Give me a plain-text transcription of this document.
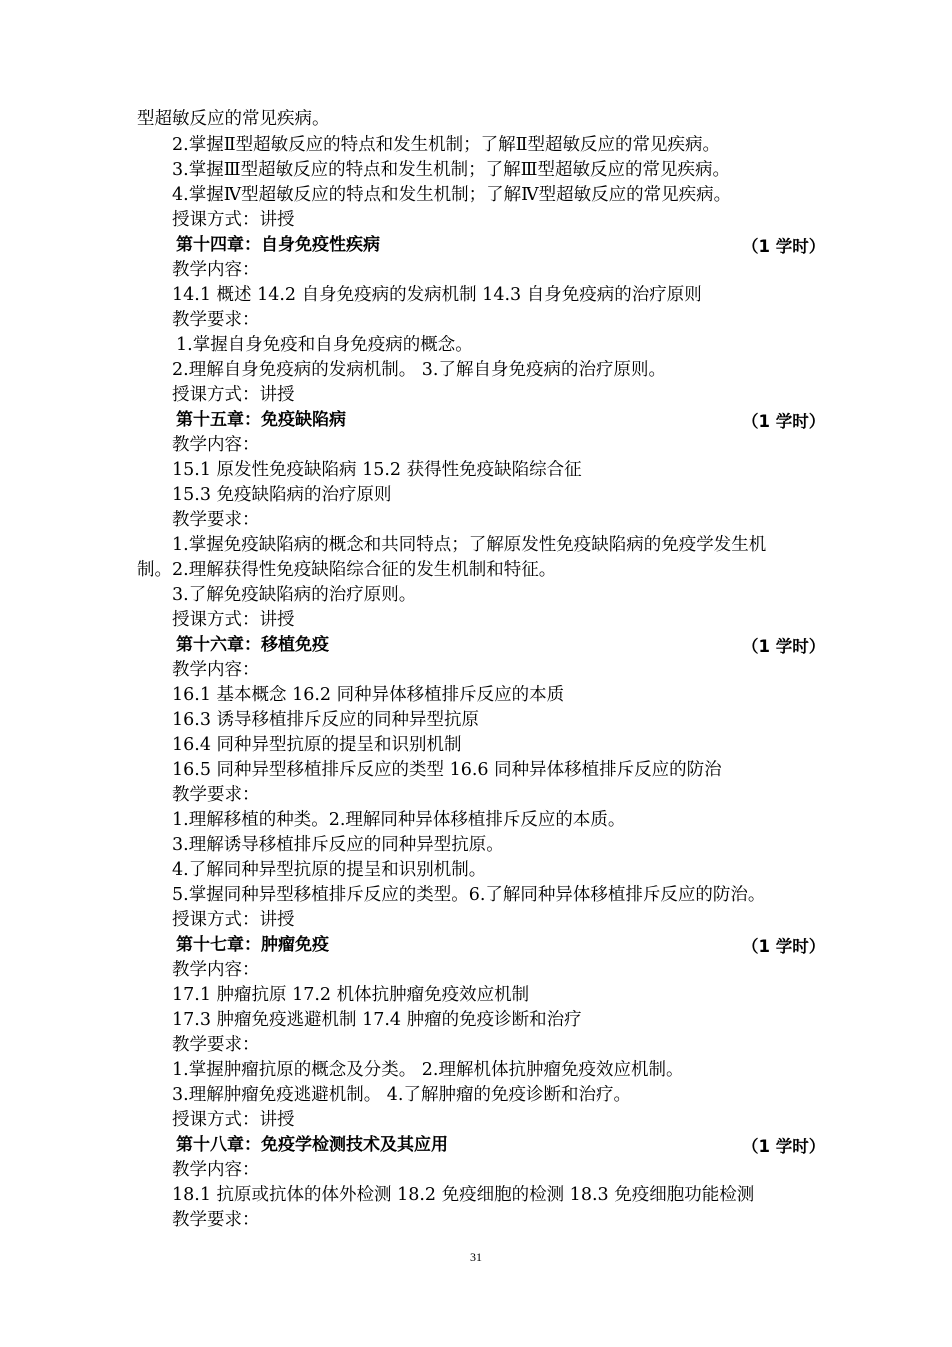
型超敏反应的常见疾病。
2.掌握Ⅱ型超敏反应的特点和发生机制；了解Ⅱ型超敏反应的常见疾病。
3.掌握Ⅲ型超敏反应的特点和发生机制；了解Ⅲ型超敏反应的常见疾病。
4.掌握Ⅳ型超敏反应的特点和发生机制；了解Ⅳ型超敏反应的常见疾病。
授课方式：讲授
第十四章：自身免疫性疾病	（1 学时）
教学内容：
14.1 概述 14.2 自身免疫病的发病机制 14.3 自身免疫病的治疗原则
教学要求：
1.掌握自身免疫和自身免疫病的概念。
2.理解自身免疫病的发病机制。 3.了解自身免疫病的治疗原则。
授课方式：讲授
第十五章：免疫缺陷病	（1 学时）
教学内容：
15.1 原发性免疫缺陷病 15.2 获得性免疫缺陷综合征
15.3 免疫缺陷病的治疗原则
教学要求：
1.掌握免疫缺陷病的概念和共同特点；了解原发性免疫缺陷病的免疫学发生机
制。2.理解获得性免疫缺陷综合征的发生机制和特征。
3.了解免疫缺陷病的治疗原则。
授课方式：讲授
第十六章：移植免疫	（1 学时）
教学内容：
16.1 基本概念 16.2 同种异体移植排斥反应的本质
16.3 诱导移植排斥反应的同种异型抗原
16.4 同种异型抗原的提呈和识别机制
16.5 同种异型移植排斥反应的类型 16.6 同种异体移植排斥反应的防治
教学要求：
1.理解移植的种类。2.理解同种异体移植排斥反应的本质。
3.理解诱导移植排斥反应的同种异型抗原。
4.了解同种异型抗原的提呈和识别机制。
5.掌握同种异型移植排斥反应的类型。6.了解同种异体移植排斥反应的防治。
授课方式：讲授
第十七章：肿瘤免疫	（1 学时）
教学内容：
17.1 肿瘤抗原 17.2 机体抗肿瘤免疫效应机制
17.3 肿瘤免疫逃避机制 17.4 肿瘤的免疫诊断和治疗
教学要求：
1.掌握肿瘤抗原的概念及分类。 2.理解机体抗肿瘤免疫效应机制。
3.理解肿瘤免疫逃避机制。 4.了解肿瘤的免疫诊断和治疗。
授课方式：讲授
第十八章：免疫学检测技术及其应用	（1 学时）
教学内容：
18.1 抗原或抗体的体外检测 18.2 免疫细胞的检测 18.3 免疫细胞功能检测
教学要求：
31
